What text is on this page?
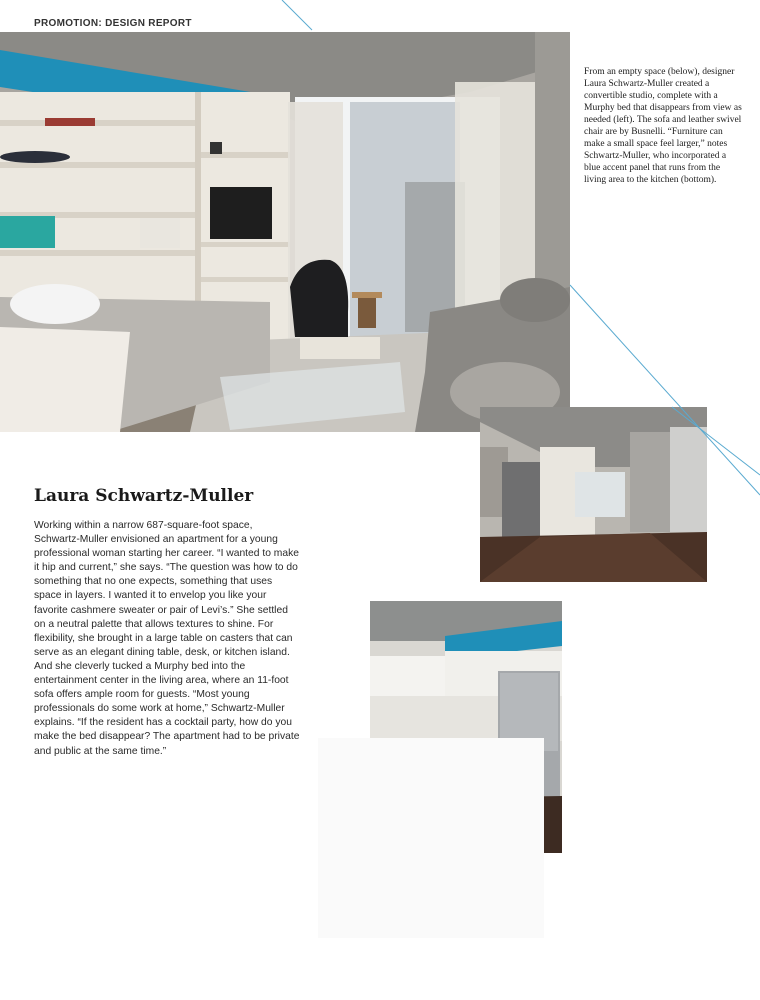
PROMOTION: DESIGN REPORT
From an empty space (below), designer Laura Schwartz-Muller created a convertible studio, complete with a Murphy bed that disappears from view as needed (left). The sofa and leather swivel chair are by Busnelli. “Furniture can make a small space feel larger,” notes Schwartz-Muller, who incorporated a blue accent panel that runs from the living area to the kitchen (bottom).
Laura Schwartz-Muller
Working within a narrow 687-square-foot space, Schwartz-Muller envisioned an apartment for a young professional woman starting her career. “I wanted to make it hip and current,” she says. “The question was how to do something that no one expects, something that uses space in layers. I wanted it to envelop you like your favorite cashmere sweater or pair of Levi’s.” She settled on a neutral palette that allows textures to shine. For flexibility, she brought in a large table on casters that can serve as an elegant dining table, desk, or kitchen island. And she cleverly tucked a Murphy bed into the entertainment center in the living area, where an 11-foot sofa offers ample room for guests. “Most young professionals do some work at home,” Schwartz-Muller explains. “If the resident has a cocktail party, how do you make the bed disappear? The apartment had to be private and public at the same time.”
